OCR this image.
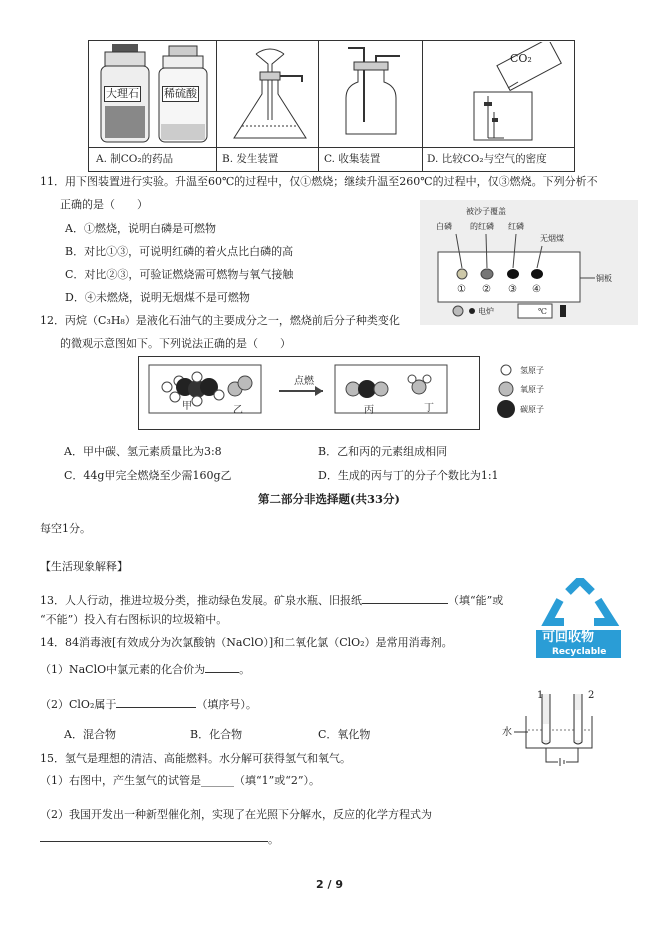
大理石 稀硫酸
CO₂
A. 制CO₂的药品	B. 发生装置	C. 收集装置	D. 比较CO₂与空气的密度
11．用下图装置进行实验。升温至60℃的过程中，仅①燃烧；继续升温至260℃的过程中，仅③燃烧。下列分析不
正确的是（　　）
A．①燃烧，说明白磷是可燃物
B．对比①③，可说明红磷的着火点比白磷的高
C．对比②③，可验证燃烧需可燃物与氧气接触
D．④未燃烧，说明无烟煤不是可燃物
被沙子覆盖
白磷 的红磷 红磷
无烟煤
① ② ③ ④
铜板
电炉	℃
12．丙烷（C₃H₈）是液化石油气的主要成分之一，燃烧前后分子种类变化
的微观示意图如下。下列说法正确的是（　　）
点燃
甲	乙	丙	丁
氢原子
氧原子
碳原子
A．甲中碳、氢元素质量比为3:8	B．乙和丙的元素组成相同
C．44g甲完全燃烧至少需160g乙	D．生成的丙与丁的分子个数比为1:1
第二部分非选择题(共33分)
每空1分。
【生活现象解释】
13．人人行动，推进垃圾分类，推动绿色发展。矿泉水瓶、旧报纸	（填“能”或
“不能”）投入有右图标识的垃圾箱中。
可回收物
Recyclable
14．84消毒液[有效成分为次氯酸钠（NaClO）]和二氧化氯（ClO₂）是常用消毒剂。
（1）NaClO中氯元素的化合价为	。
（2）ClO₂属于	（填序号）。
A．混合物	B．化合物	C．氧化物
1	2
水
15．氢气是理想的清洁、高能燃料。水分解可获得氢气和氧气。
（1）右图中，产生氢气的试管是______（填“1”或“2”）。
（2）我国开发出一种新型催化剂，实现了在光照下分解水，反应的化学方程式为
。
2 / 9
